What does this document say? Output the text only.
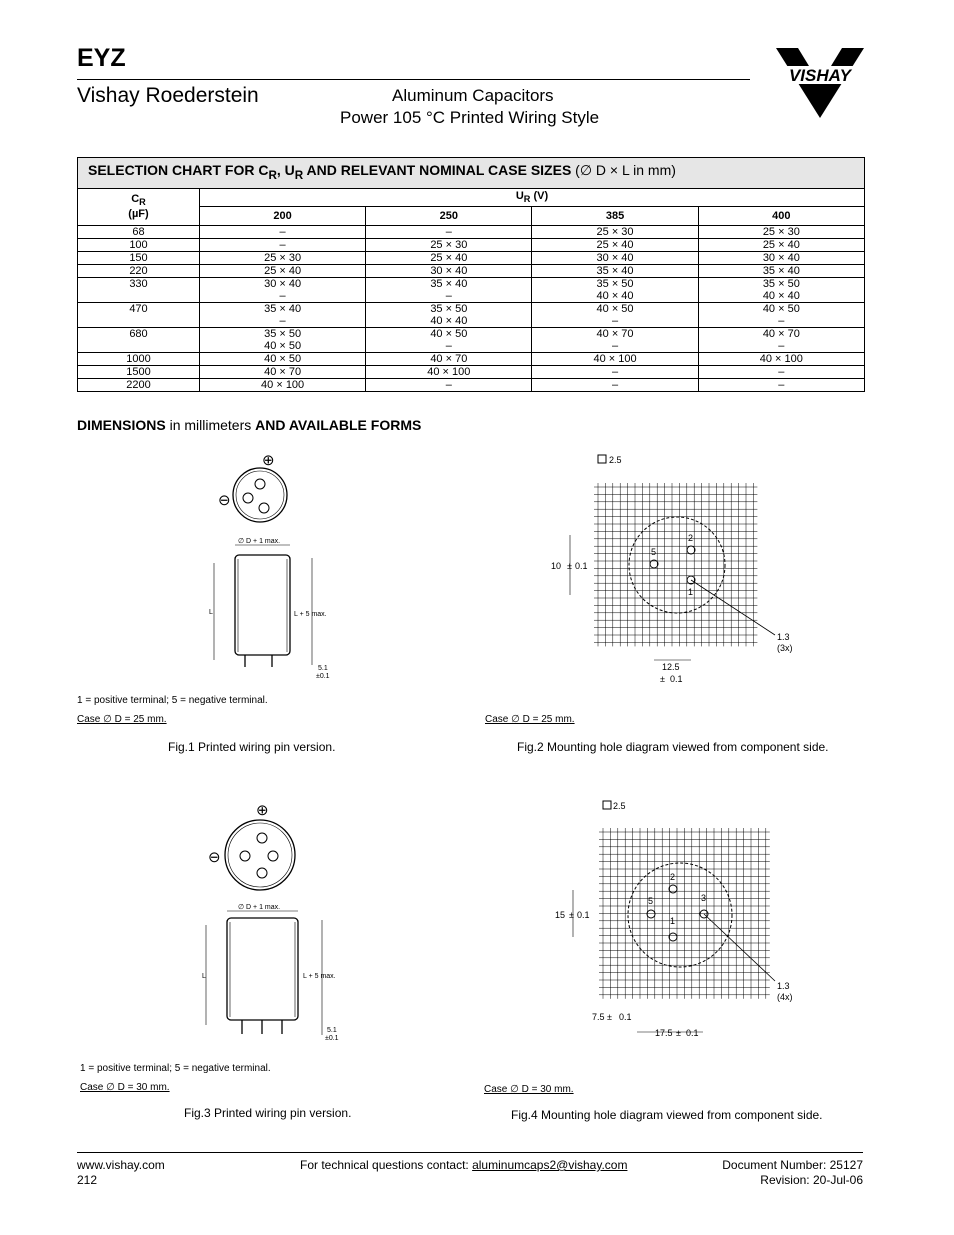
EYZ
Vishay Roederstein	Aluminum Capacitors
Power 105 °C Printed Wiring Style
VISHAY
SELECTION CHART FOR $C_R$, $U_R$ AND RELEVANT NOMINAL CASE SIZES (∅ D × L in mm)				
$C_R$
(µF)	$U_R$ (V)			
	200	250	385	400
68	–	–	25 × 30	25 × 30
100	–	25 × 30	25 × 40	25 × 40
150	25 × 30	25 × 40	30 × 40	30 × 40
220	25 × 40	30 × 40	35 × 40	35 × 40
330	30 × 40	35 × 40	35 × 50	35 × 50
	–	–	40 × 40	40 × 40
470	35 × 40	35 × 50	40 × 50	40 × 50
	–	40 × 40	–	–
680	35 × 50	40 × 50	40 × 70	40 × 70
	40 × 50	–	–	–
1000	40 × 50	40 × 70	40 × 100	40 × 100
1500	40 × 70	40 × 100	–	–
2200	40 × 100	–	–	–
DIMENSIONS in millimeters AND AVAILABLE FORMS
⊕
⊖
∅ D + 1 max.
L	L + 5 max.
5.1
±0.1
1 = positive terminal; 5 = negative terminal.
Case ∅ D = 25 mm.
Fig.1 Printed wiring pin version.
2.5
2
5
1
1.3
(3x)
10 ± 0.1
12.5
± 0.1
Case ∅ D = 25 mm.
Fig.2 Mounting hole diagram viewed from component side.
⊕
⊖
∅ D + 1 max.
L	L + 5 max.
5.1
±0.1
1 = positive terminal; 5 = negative terminal.
Case ∅ D = 30 mm.
Fig.3 Printed wiring pin version.
2.5
2
5	3
1
1.3
(4x)
15 ± 0.1
7.5 ± 0.1
17.5 ± 0.1
Case ∅ D = 30 mm.
Fig.4 Mounting hole diagram viewed from component side.
www.vishay.com
212
For technical questions contact: aluminumcaps2@vishay.com	Document Number: 25127
Revision: 20-Jul-06
